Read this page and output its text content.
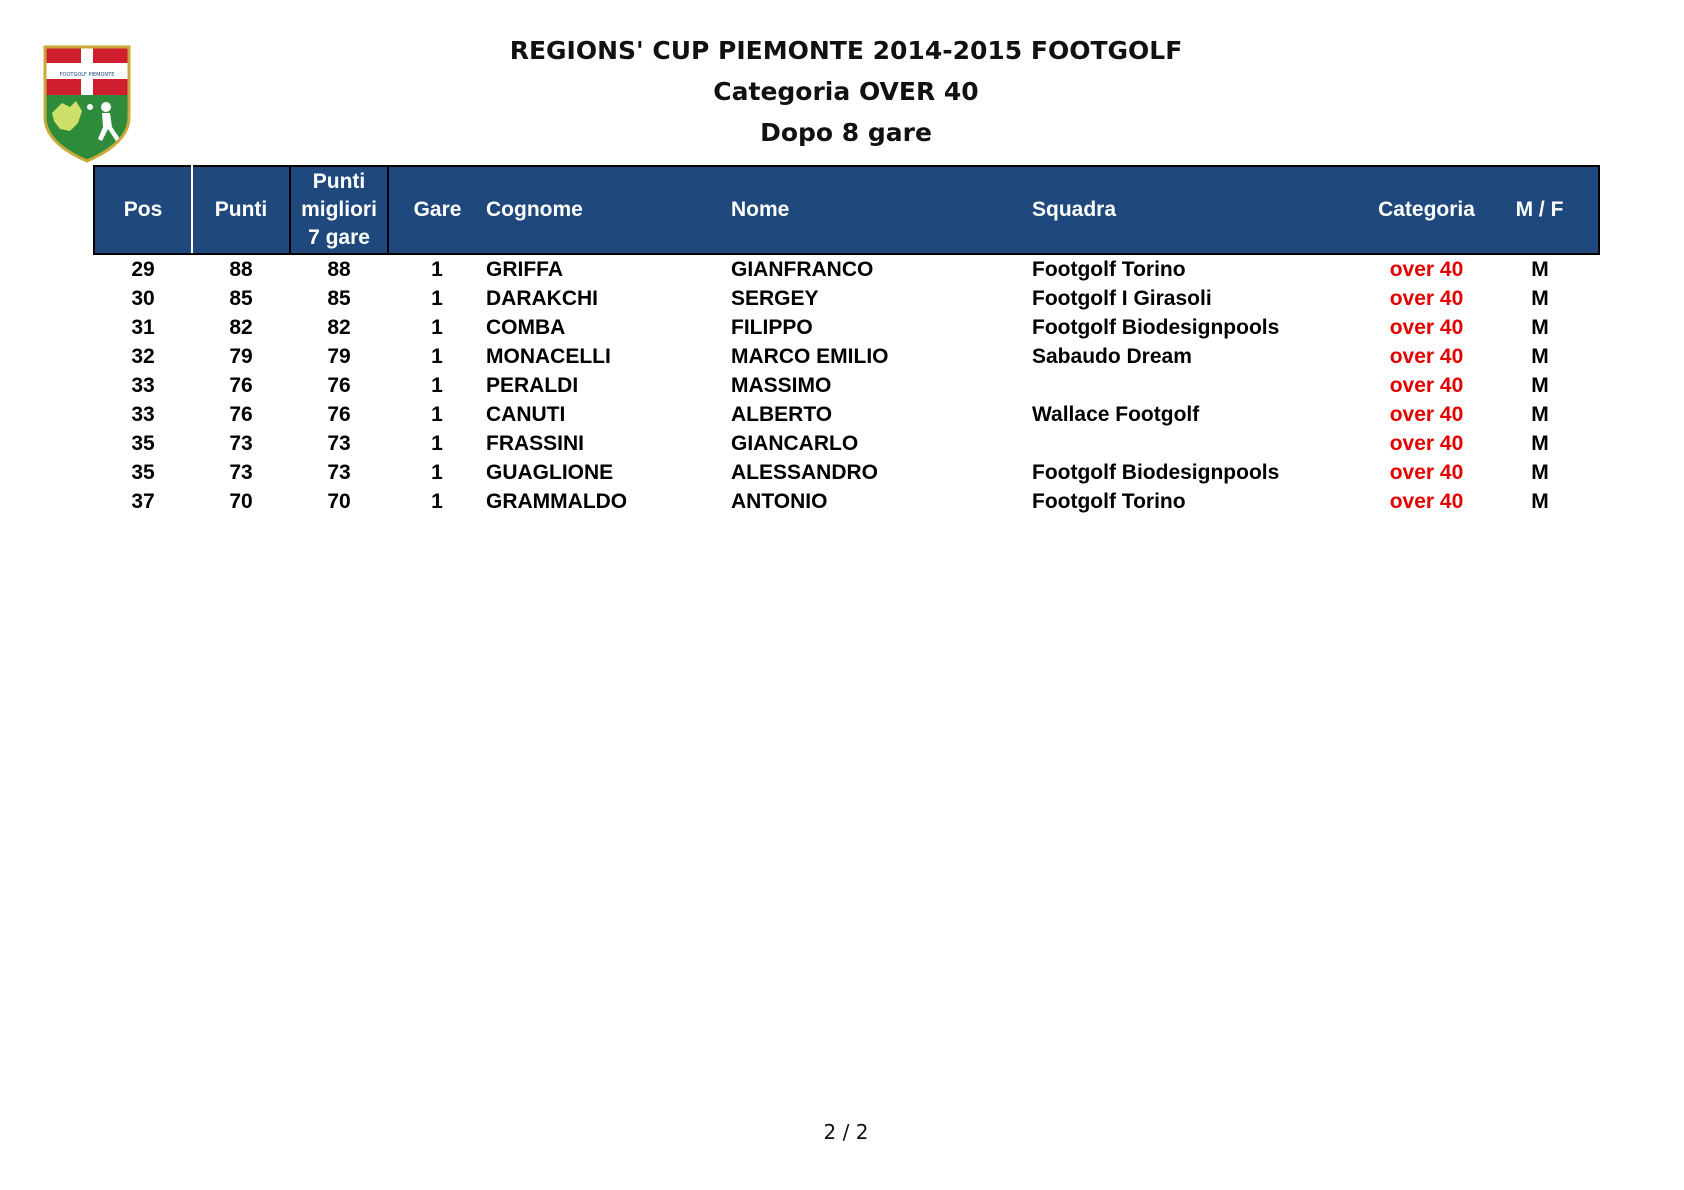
FOOTGOLF PIEMONTE
REGIONS' CUP PIEMONTE 2014-2015 FOOTGOLF
Categoria OVER 40
Dopo 8 gare
Pos	Punti	Punti
migliori
7 gare	Gare	Cognome	Nome	Squadra	Categoria	M / F
29	88	88	1	GRIFFA	GIANFRANCO	Footgolf Torino	over 40	M
30	85	85	1	DARAKCHI	SERGEY	Footgolf I Girasoli	over 40	M
31	82	82	1	COMBA	FILIPPO	Footgolf Biodesignpools	over 40	M
32	79	79	1	MONACELLI	MARCO EMILIO	Sabaudo Dream	over 40	M
33	76	76	1	PERALDI	MASSIMO		over 40	M
33	76	76	1	CANUTI	ALBERTO	Wallace Footgolf	over 40	M
35	73	73	1	FRASSINI	GIANCARLO		over 40	M
35	73	73	1	GUAGLIONE	ALESSANDRO	Footgolf Biodesignpools	over 40	M
37	70	70	1	GRAMMALDO	ANTONIO	Footgolf Torino	over 40	M
2 / 2
